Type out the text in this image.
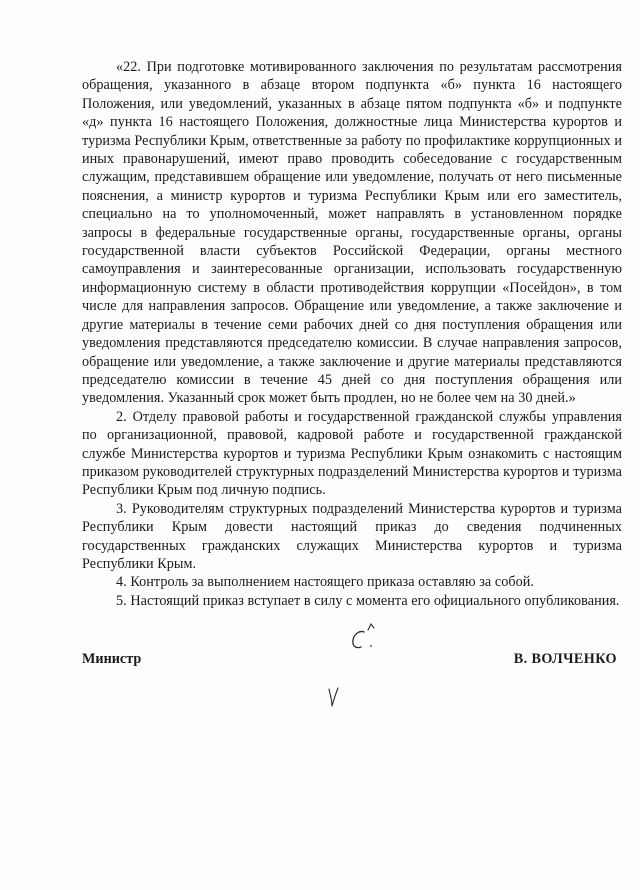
«22. При подготовке мотивированного заключения по результатам рассмотрения обращения, указанного в абзаце втором подпункта «б» пункта 16 настоящего Положения, или уведомлений, указанных в абзаце пятом подпункта «б» и подпункте «д» пункта 16 настоящего Положения, должностные лица Министерства курортов и туризма Республики Крым, ответственные за работу по профилактике коррупционных и иных правонарушений, имеют право проводить собеседование с государственным служащим, представившем обращение или уведомление, получать от него письменные пояснения, а министр курортов и туризма Республики Крым или его заместитель, специально на то уполномоченный, может направлять в установленном порядке запросы в федеральные государственные органы, государственные органы, органы государственной власти субъектов Российской Федерации, органы местного самоуправления и заинтересованные организации, использовать государственную информационную систему в области противодействия коррупции «Посейдон», в том числе для направления запросов. Обращение или уведомление, а также заключение и другие материалы в течение семи рабочих дней со дня поступления обращения или уведомления представляются председателю комиссии. В случае направления запросов, обращение или уведомление, а также заключение и другие материалы представляются председателю комиссии в течение 45 дней со дня поступления обращения или уведомления. Указанный срок может быть продлен, но не более чем на 30 дней.»

2. Отделу правовой работы и государственной гражданской службы управления по организационной, правовой, кадровой работе и государственной гражданской службе Министерства курортов и туризма Республики Крым ознакомить с настоящим приказом руководителей структурных подразделений Министерства курортов и туризма Республики Крым под личную подпись.

3. Руководителям структурных подразделений Министерства курортов и туризма Республики Крым довести настоящий приказ до сведения подчиненных государственных гражданских служащих Министерства курортов и туризма Республики Крым.

4. Контроль за выполнением настоящего приказа оставляю за собой.

5. Настоящий приказ вступает в силу с момента его официального опубликования.

Министр	В. ВОЛЧЕНКО
